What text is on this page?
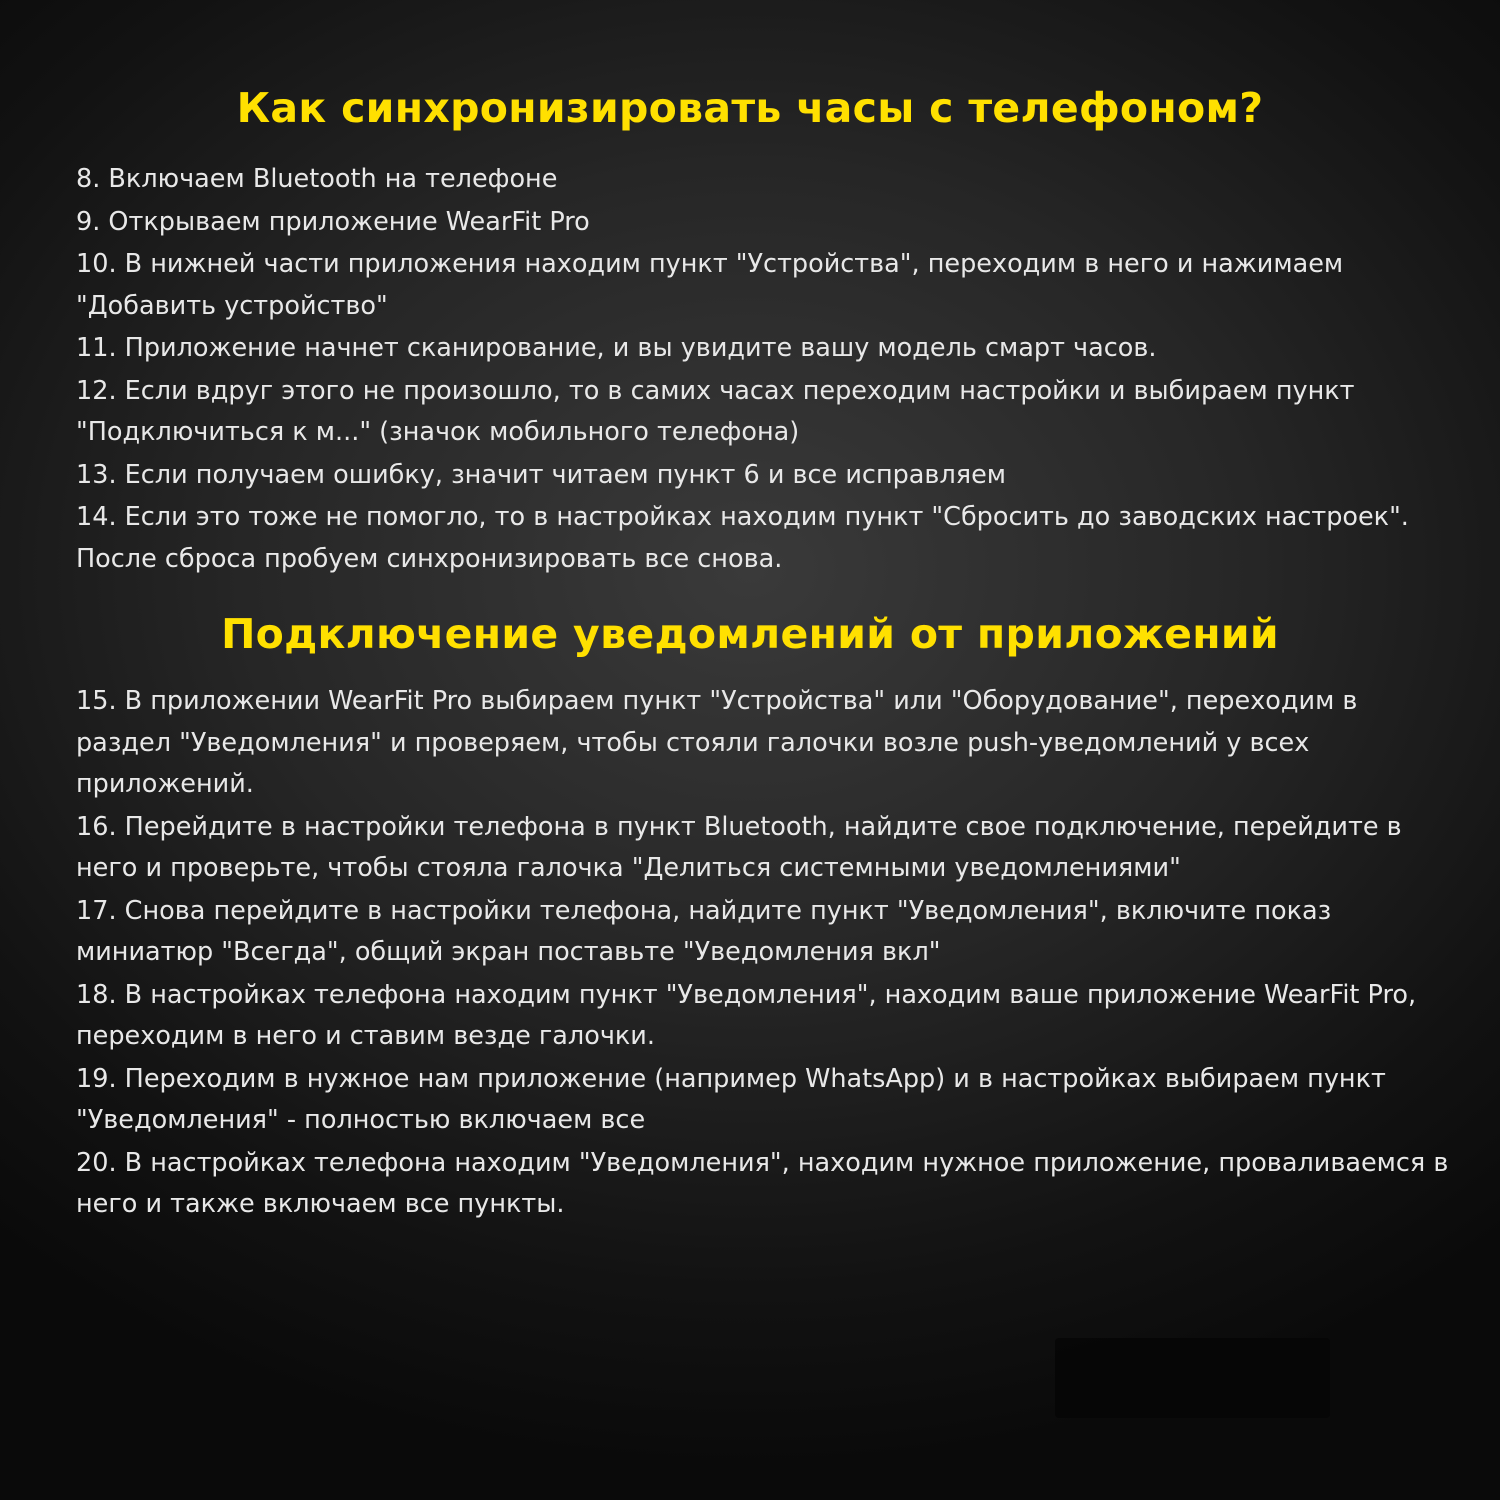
Как синхронизировать часы с телефоном?
8. Включаем Bluetooth на телефоне
9. Открываем приложение WearFit Pro
10. В нижней части приложения находим пункт "Устройства", переходим в него и нажимаем "Добавить устройство"
11. Приложение начнет сканирование, и вы увидите вашу модель смарт часов.
12. Если вдруг этого не произошло, то в самих часах переходим настройки и выбираем пункт "Подключиться к м..." (значок мобильного телефона)
13. Если получаем ошибку, значит читаем пункт 6 и все исправляем
14. Если это тоже не помогло, то в настройках находим пункт "Сбросить до заводских настроек". После сброса пробуем синхронизировать все снова.
Подключение уведомлений от приложений
15. В приложении WearFit Pro выбираем пункт "Устройства" или "Оборудование", переходим в раздел "Уведомления" и проверяем, чтобы стояли галочки возле push-уведомлений у всех приложений.
16. Перейдите в настройки телефона в пункт Bluetooth, найдите свое подключение, перейдите в него и проверьте, чтобы стояла галочка "Делиться системными уведомлениями"
17. Снова перейдите в настройки телефона, найдите пункт "Уведомления", включите показ миниатюр "Всегда", общий экран поставьте "Уведомления вкл"
18. В настройках телефона находим пункт "Уведомления", находим ваше приложение WearFit Pro, переходим в него и ставим везде галочки.
19. Переходим в нужное нам приложение (например WhatsApp) и в настройках выбираем пункт "Уведомления" - полностью включаем все
20. В настройках телефона находим "Уведомления", находим нужное приложение, проваливаемся в него и также включаем все пункты.
